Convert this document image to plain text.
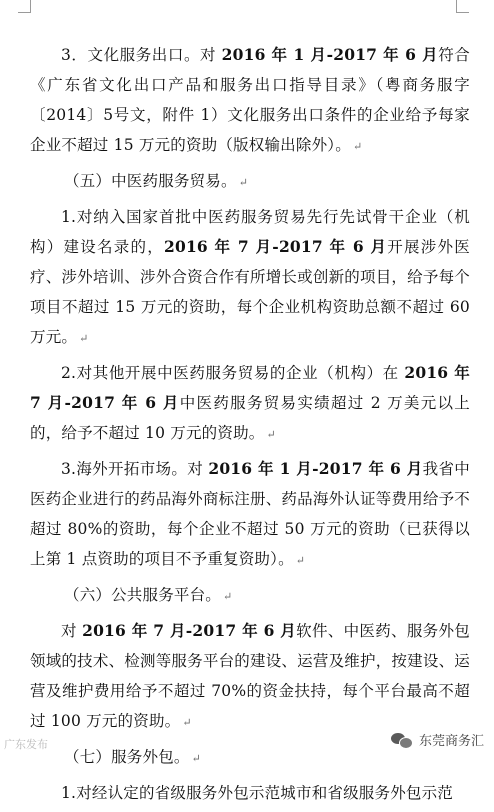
3．文化服务出口。对 2016 年 1 月-2017 年 6 月符合《广东省文化出口产品和服务出口指导目录》（粤商务服字〔2014〕5号文，附件 1）文化服务出口条件的企业给予每家企业不超过 15 万元的资助（版权输出除外）。 ↵

（五）中医药服务贸易。 ↵

1.对纳入国家首批中医药服务贸易先行先试骨干企业（机构）建设名录的，2016 年 7 月-2017 年 6 月开展涉外医疗、涉外培训、涉外合资合作有所增长或创新的项目，给予每个项目不超过 15 万元的资助，每个企业机构资助总额不超过 60 万元。 ↵

2.对其他开展中医药服务贸易的企业（机构）在 2016 年 7 月-2017 年 6 月中医药服务贸易实绩超过 2 万美元以上的，给予不超过 10 万元的资助。 ↵

3.海外开拓市场。对 2016 年 1 月-2017 年 6 月我省中医药企业进行的药品海外商标注册、药品海外认证等费用给予不超过 80%的资助，每个企业不超过 50 万元的资助（已获得以上第 1 点资助的项目不予重复资助）。 ↵

（六）公共服务平台。 ↵

对 2016 年 7 月-2017 年 6 月软件、中医药、服务外包领域的技术、检测等服务平台的建设、运营及维护，按建设、运营及维护费用给予不超过 70%的资金扶持，每个平台最高不超过 100 万元的资助。 ↵

（七）服务外包。 ↵

1.对经认定的省级服务外包示范城市和省级服务外包示范

广东发布	东莞商务汇
